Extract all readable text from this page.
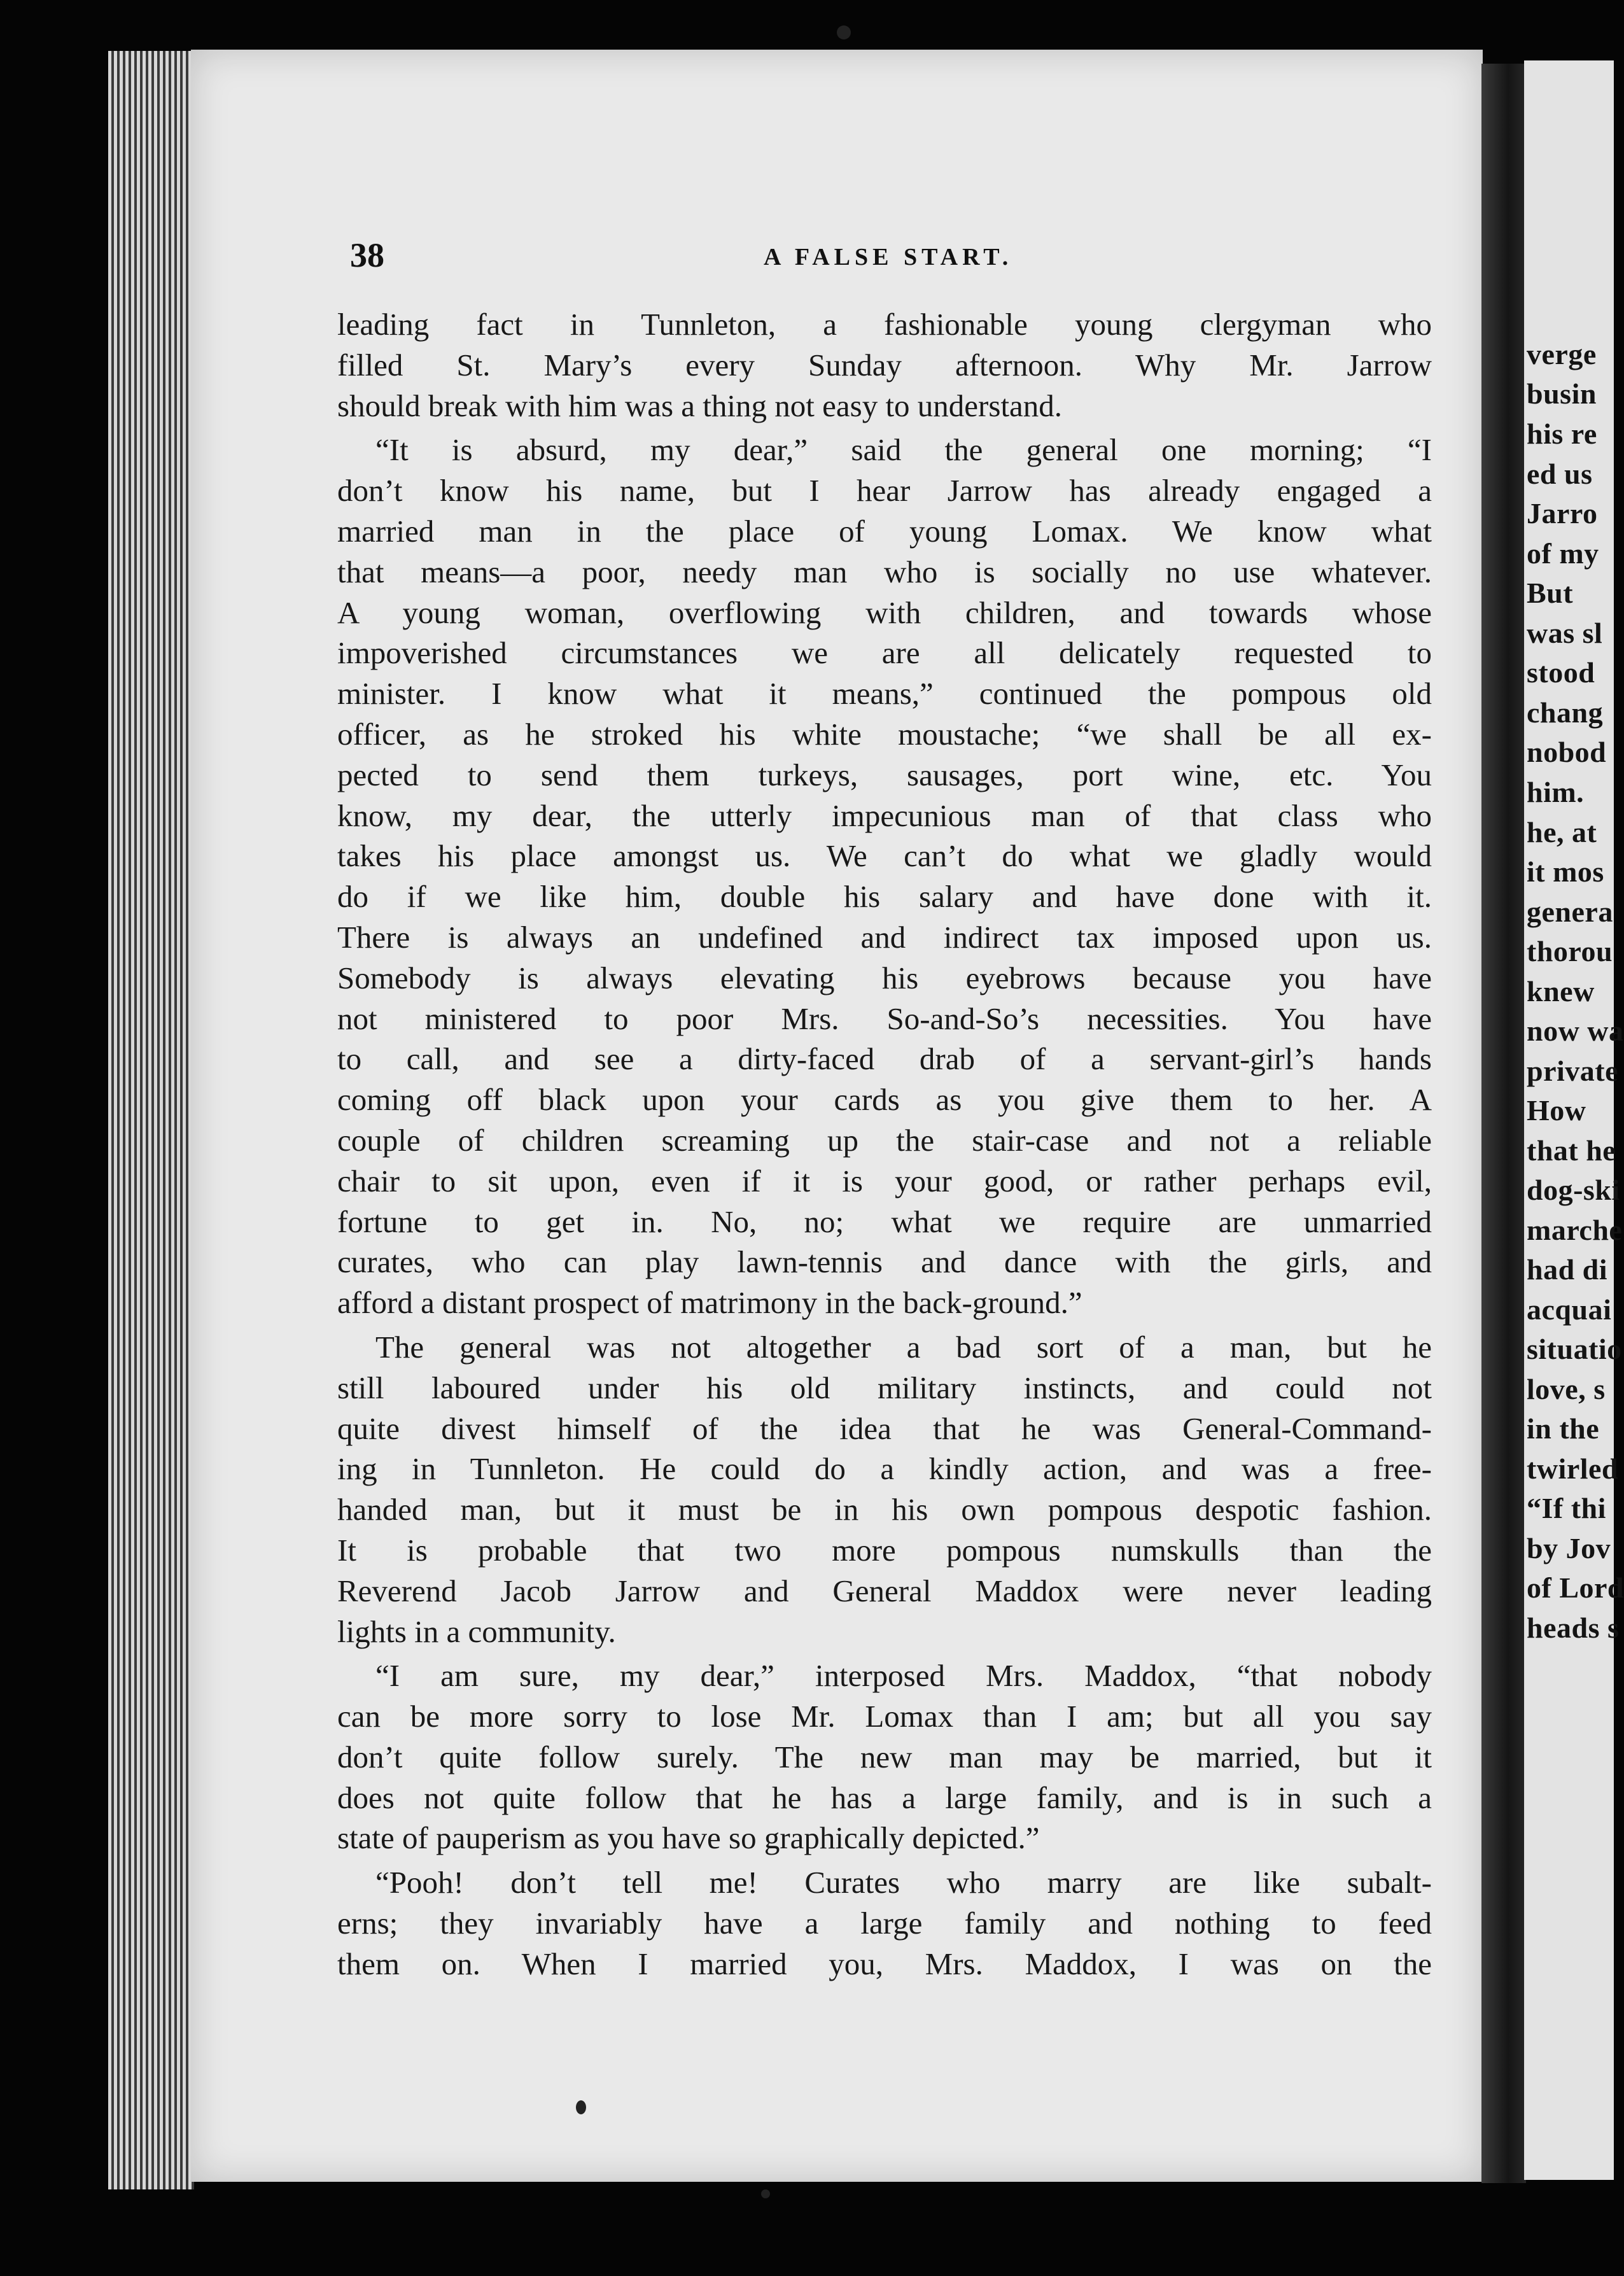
verge
busin
his re
ed us
Jarro
of my
But
was sl
stood
chang
nobod
him.
he, at
it mos
genera
thorou
knew
now wa
private
How
that he
dog-ski
marche
had di
acquai
situatio
love, s
in the
twirled
“If thi
by Jov
of Lord
heads s
38	A FALSE START.
leading fact in Tunnleton, a fashionable young clergyman who
filled St. Mary’s every Sunday afternoon. Why Mr. Jarrow
should break with him was a thing not easy to understand.
“It is absurd, my dear,” said the general one morning; “I
don’t know his name, but I hear Jarrow has already engaged a
married man in the place of young Lomax. We know what
that means—a poor, needy man who is socially no use whatever.
A young woman, overflowing with children, and towards whose
impoverished circumstances we are all delicately requested to
minister. I know what it means,” continued the pompous old
officer, as he stroked his white moustache; “we shall be all ex-
pected to send them turkeys, sausages, port wine, etc. You
know, my dear, the utterly impecunious man of that class who
takes his place amongst us. We can’t do what we gladly would
do if we like him, double his salary and have done with it.
There is always an undefined and indirect tax imposed upon us.
Somebody is always elevating his eyebrows because you have
not ministered to poor Mrs. So-and-So’s necessities. You have
to call, and see a dirty-faced drab of a servant-girl’s hands
coming off black upon your cards as you give them to her. A
couple of children screaming up the stair-case and not a reliable
chair to sit upon, even if it is your good, or rather perhaps evil,
fortune to get in. No, no; what we require are unmarried
curates, who can play lawn-tennis and dance with the girls, and
afford a distant prospect of matrimony in the back-ground.”
The general was not altogether a bad sort of a man, but he
still laboured under his old military instincts, and could not
quite divest himself of the idea that he was General-Command-
ing in Tunnleton. He could do a kindly action, and was a free-
handed man, but it must be in his own pompous despotic fashion.
It is probable that two more pompous numskulls than the
Reverend Jacob Jarrow and General Maddox were never leading
lights in a community.
“I am sure, my dear,” interposed Mrs. Maddox, “that nobody
can be more sorry to lose Mr. Lomax than I am; but all you say
don’t quite follow surely. The new man may be married, but it
does not quite follow that he has a large family, and is in such a
state of pauperism as you have so graphically depicted.”
“Pooh! don’t tell me! Curates who marry are like subalt-
erns; they invariably have a large family and nothing to feed
them on. When I married you, Mrs. Maddox, I was on the
